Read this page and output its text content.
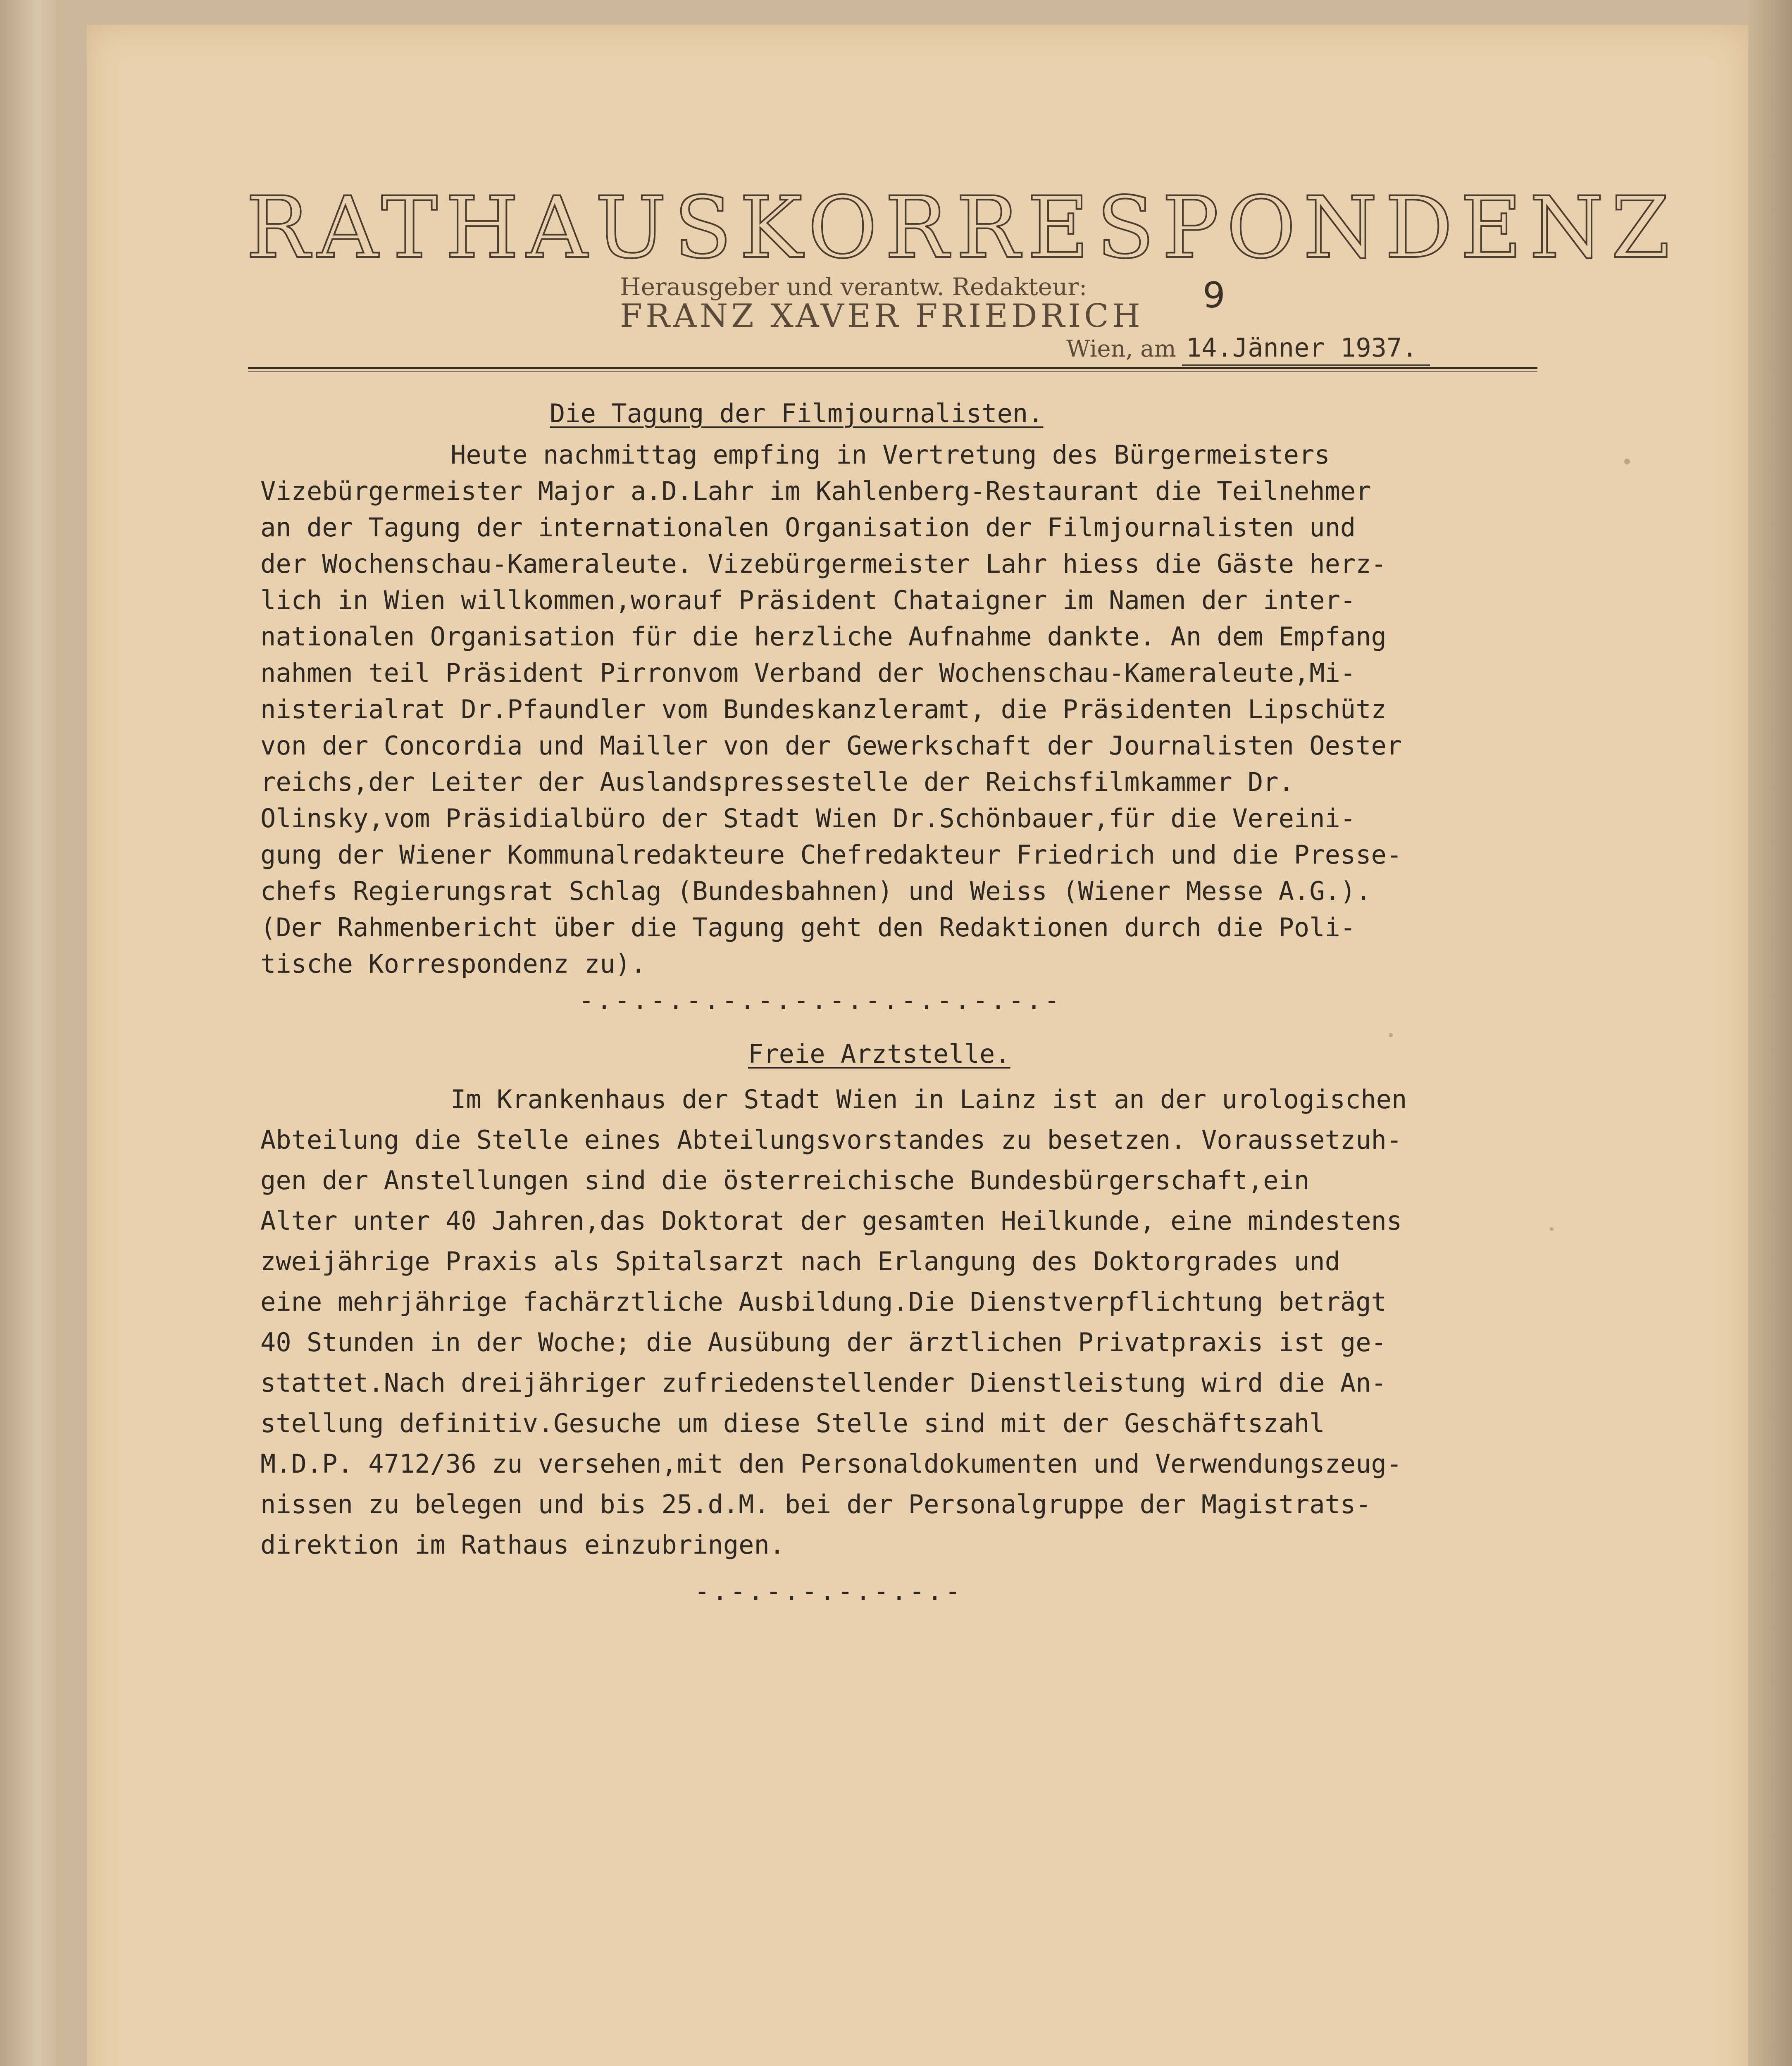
RATHAUSKORRESPONDENZ
Herausgeber und verantw. Redakteur:
FRANZ XAVER FRIEDRICH 9
Wien, am 14.Jänner 1937.
Die Tagung der Filmjournalisten.
Heute nachmittag empfing in Vertretung des Bürgermeisters
Vizebürgermeister Major a.D.Lahr im Kahlenberg-Restaurant die Teilnehmer
an der Tagung der internationalen Organisation der Filmjournalisten und
der Wochenschau-Kameraleute. Vizebürgermeister Lahr hiess die Gäste herz-
lich in Wien willkommen,worauf Präsident Chataigner im Namen der inter-
nationalen Organisation für die herzliche Aufnahme dankte. An dem Empfang
nahmen teil Präsident Pirronvom Verband der Wochenschau-Kameraleute,Mi-
nisterialrat Dr.Pfaundler vom Bundeskanzleramt, die Präsidenten Lipschütz
von der Concordia und Mailler von der Gewerkschaft der Journalisten Oester
reichs,der Leiter der Auslandspressestelle der Reichsfilmkammer Dr.
Olinsky,vom Präsidialbüro der Stadt Wien Dr.Schönbauer,für die Vereini-
gung der Wiener Kommunalredakteure Chefredakteur Friedrich und die Presse-
chefs Regierungsrat Schlag (Bundesbahnen) und Weiss (Wiener Messe A.G.).
(Der Rahmenbericht über die Tagung geht den Redaktionen durch die Poli-
tische Korrespondenz zu).
-.-.-.-.-.-.-.-.-.-.-.-.-.-
Freie Arztstelle.
Im Krankenhaus der Stadt Wien in Lainz ist an der urologischen
Abteilung die Stelle eines Abteilungsvorstandes zu besetzen. Voraussetzuh-
gen der Anstellungen sind die österreichische Bundesbürgerschaft,ein
Alter unter 40 Jahren,das Doktorat der gesamten Heilkunde, eine mindestens
zweijährige Praxis als Spitalsarzt nach Erlangung des Doktorgrades und
eine mehrjährige fachärztliche Ausbildung.Die Dienstverpflichtung beträgt
40 Stunden in der Woche; die Ausübung der ärztlichen Privatpraxis ist ge-
stattet.Nach dreijähriger zufriedenstellender Dienstleistung wird die An-
stellung definitiv.Gesuche um diese Stelle sind mit der Geschäftszahl
M.D.P. 4712/36 zu versehen,mit den Personaldokumenten und Verwendungszeug-
nissen zu belegen und bis 25.d.M. bei der Personalgruppe der Magistrats-
direktion im Rathaus einzubringen.
-.-.-.-.-.-.-.-
